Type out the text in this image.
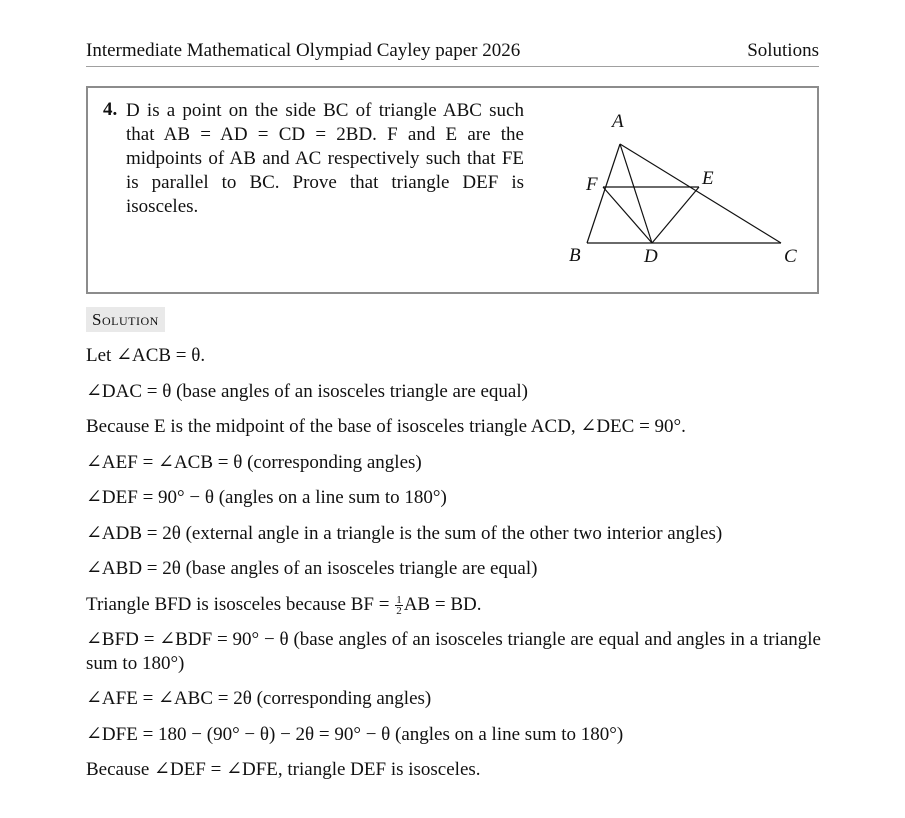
Intermediate Mathematical Olympiad Cayley paper 2026	Solutions
4. D is a point on the side BC of triangle ABC such that AB = AD = CD = 2BD. F and E are the midpoints of AB and AC respectively such that FE is parallel to BC. Prove that triangle DEF is isosceles.
A
F	E
B	D	C
Solution
Let ∠ACB = θ.
∠DAC = θ (base angles of an isosceles triangle are equal)
Because E is the midpoint of the base of isosceles triangle ACD, ∠DEC = 90°.
∠AEF = ∠ACB = θ (corresponding angles)
∠DEF = 90° − θ (angles on a line sum to 180°)
∠ADB = 2θ (external angle in a triangle is the sum of the other two interior angles)
∠ABD = 2θ (base angles of an isosceles triangle are equal)
Triangle BFD is isosceles because BF = $\frac{1}{2}$ AB = BD.
∠BFD = ∠BDF = 90° − θ (base angles of an isosceles triangle are equal and angles in a triangle sum to 180°)
∠AFE = ∠ABC = 2θ (corresponding angles)
∠DFE = 180 − (90° − θ) − 2θ = 90° − θ (angles on a line sum to 180°)
Because ∠DEF = ∠DFE, triangle DEF is isosceles.
